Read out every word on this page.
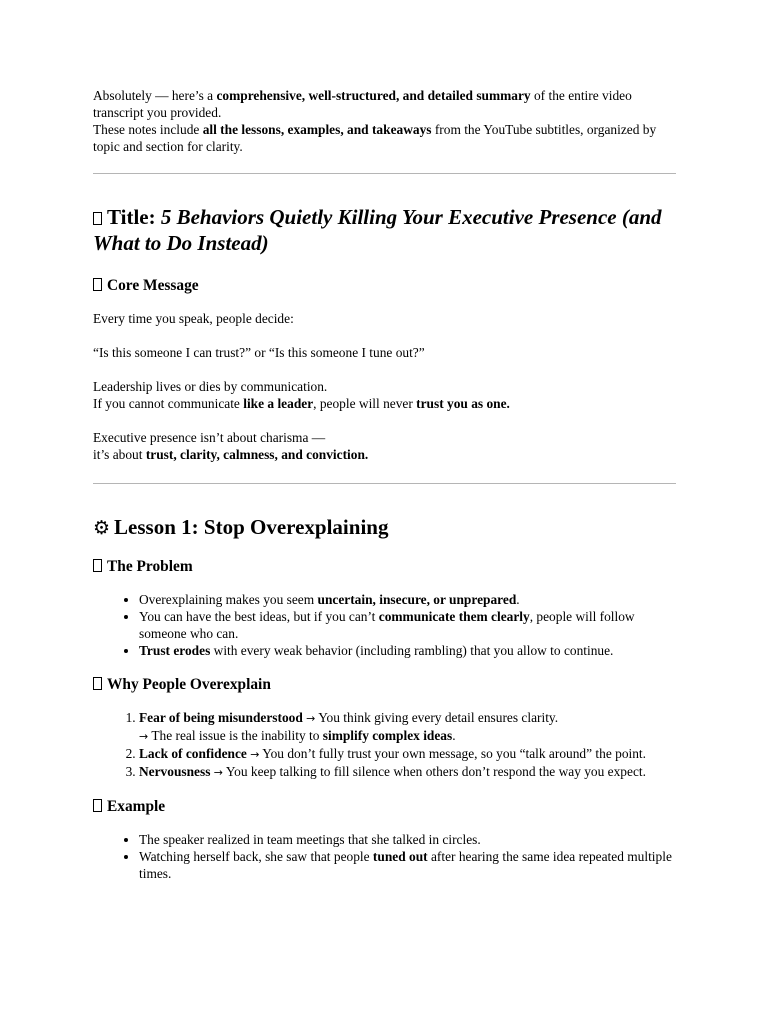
Absolutely — here’s a comprehensive, well-structured, and detailed summary of the entire video transcript you provided.
These notes include all the lessons, examples, and takeaways from the YouTube subtitles, organized by topic and section for clarity.

Title: 5 Behaviors Quietly Killing Your Executive Presence (and What to Do Instead)
Core Message

Every time you speak, people decide:

“Is this someone I can trust?” or “Is this someone I tune out?”

Leadership lives or dies by communication.
If you cannot communicate like a leader, people will never trust you as one.

Executive presence isn’t about charisma —
it’s about trust, clarity, calmness, and conviction.

⚙ Lesson 1: Stop Overexplaining
The Problem
• Overexplaining makes you seem uncertain, insecure, or unprepared.
• You can have the best ideas, but if you can’t communicate them clearly, people will follow someone who can.
• Trust erodes with every weak behavior (including rambling) that you allow to continue.
Why People Overexplain
1. Fear of being misunderstood → You think giving every detail ensures clarity.
→ The real issue is the inability to simplify complex ideas.
2. Lack of confidence → You don’t fully trust your own message, so you “talk around” the point.
3. Nervousness → You keep talking to fill silence when others don’t respond the way you expect.
Example
• The speaker realized in team meetings that she talked in circles.
• Watching herself back, she saw that people tuned out after hearing the same idea repeated multiple times.
